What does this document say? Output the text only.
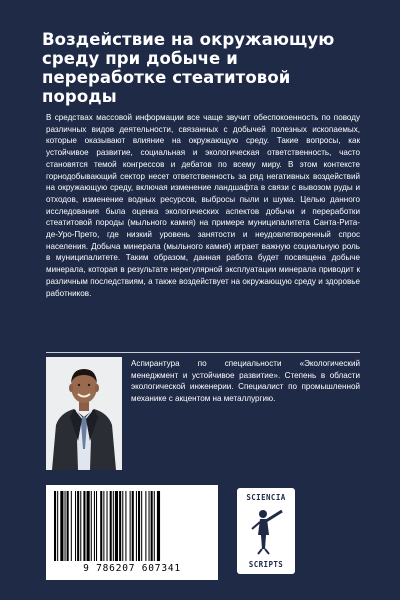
Воздействие на окружающую среду при добыче и переработке стеатитовой породы

В средствах массовой информации все чаще звучит обеспокоенность по поводу различных видов деятельности, связанных с добычей полезных ископаемых, которые оказывают влияние на окружающую среду. Такие вопросы, как устойчивое развитие, социальная и экологическая ответственность, часто становятся темой конгрессов и дебатов по всему миру. В этом контексте горнодобывающий сектор несет ответственность за ряд негативных воздействий на окружающую среду, включая изменение ландшафта в связи с вывозом руды и отходов, изменение водных ресурсов, выбросы пыли и шума. Целью данного исследования была оценка экологических аспектов добычи и переработки стеатитовой породы (мыльного камня) на примере муниципалитета Санта-Рита-де-Уро-Прето, где низкий уровень занятости и неудовлетворенный спрос населения. Добыча минерала (мыльного камня) играет важную социальную роль в муниципалитете. Таким образом, данная работа будет посвящена добыче минерала, которая в результате нерегулярной эксплуатации минерала приводит к различным последствиям, а также воздействует на окружающую среду и здоровье работников.

Аспирантура по специальности «Экологический менеджмент и устойчивое развитие». Степень в области экологической инженерии. Специалист по промышленной механике с акцентом на металлургию.

9 786207 607341
SCIENCIA
SCRIPTS
